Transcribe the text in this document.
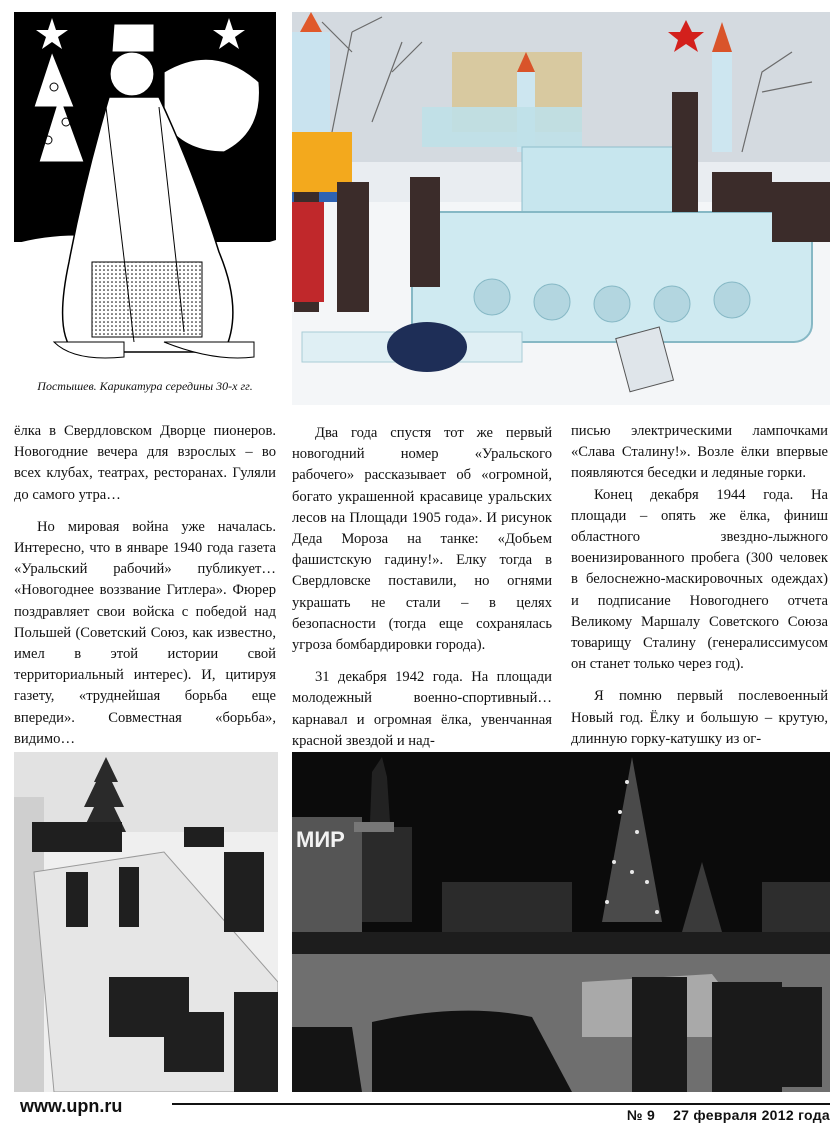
Постышев. Карикатура середины 30-х гг.

ёлка в Свердловском Дворце пионеров. Новогодние вечера для взрослых – во всех клубах, театрах, ресторанах. Гуляли до самого утра…

Но мировая война уже началась. Интересно, что в январе 1940 года газета «Уральский рабочий» публикует… «Новогоднее воззвание Гитлера». Фюрер поздравляет свои войска с победой над Польшей (Советский Союз, как известно, имел в этой истории свой территориальный интерес). И, цитируя газету, «труднейшая борьба еще впереди». Совместная «борьба», видимо…

Два года спустя тот же первый новогодний номер «Уральского рабочего» рассказывает об «огромной, богато украшенной красавице уральских лесов на Площади 1905 года». И рисунок Деда Мороза на танке: «Добьем фашистскую гадину!». Елку тогда в Свердловске поставили, но огнями украшать не стали – в целях безопасности (тогда еще сохранялась угроза бомбардировки города).

31 декабря 1942 года. На площади молодежный военно-спортивный… карнавал и огромная ёлка, увенчанная красной звездой и над-

писью электрическими лампочками «Слава Сталину!». Возле ёлки впервые появляются беседки и ледяные горки.

Конец декабря 1944 года. На площади – опять же ёлка, финиш областного звездно-лыжного военизированного пробега (300 человек в белоснежно-маскировочных одеждах) и подписание Новогоднего отчета Великому Маршалу Советского Союза товарищу Сталину (генералиссимусом он станет только через год).

Я помню первый послевоенный Новый год. Ёлку и большую – крутую, длинную горку-катушку из ог-

МИР
www.upn.ru	№ 9 27 февраля 2012 года
